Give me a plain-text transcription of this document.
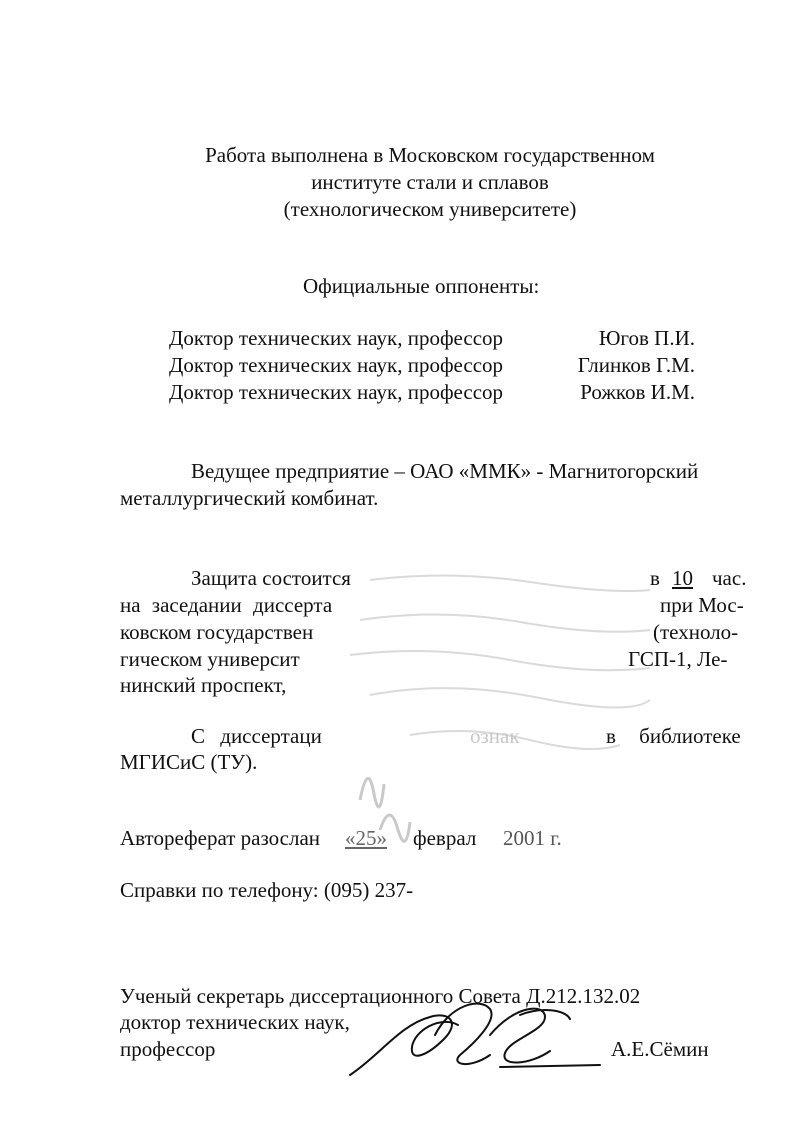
Работа выполнена в Московском государственном
институте стали и сплавов
(технологическом университете)
Официальные оппоненты:
Доктор технических наук, профессор	Югов П.И.
Доктор технических наук, профессор	Глинков Г.М.
Доктор технических наук, профессор	Рожков И.М.
Ведущее предприятие – ОАО «ММК» - Магнитогорский
металлургический комбинат.
Защита состоится	в 10 час.
на заседании диссерта	при Мос-
ковском государствен	(техноло-
гическом университ	ГСП-1, Ле-
нинский проспект,
С диссертаци	ознак	в библиотеке
МГИСиС (ТУ).
Автореферат разослан «25» феврал 2001 г.
Справки по телефону: (095) 237-
Ученый секретарь диссертационного Совета Д.212.132.02
доктор технических наук,
профессор	А.Е.Сёмин
